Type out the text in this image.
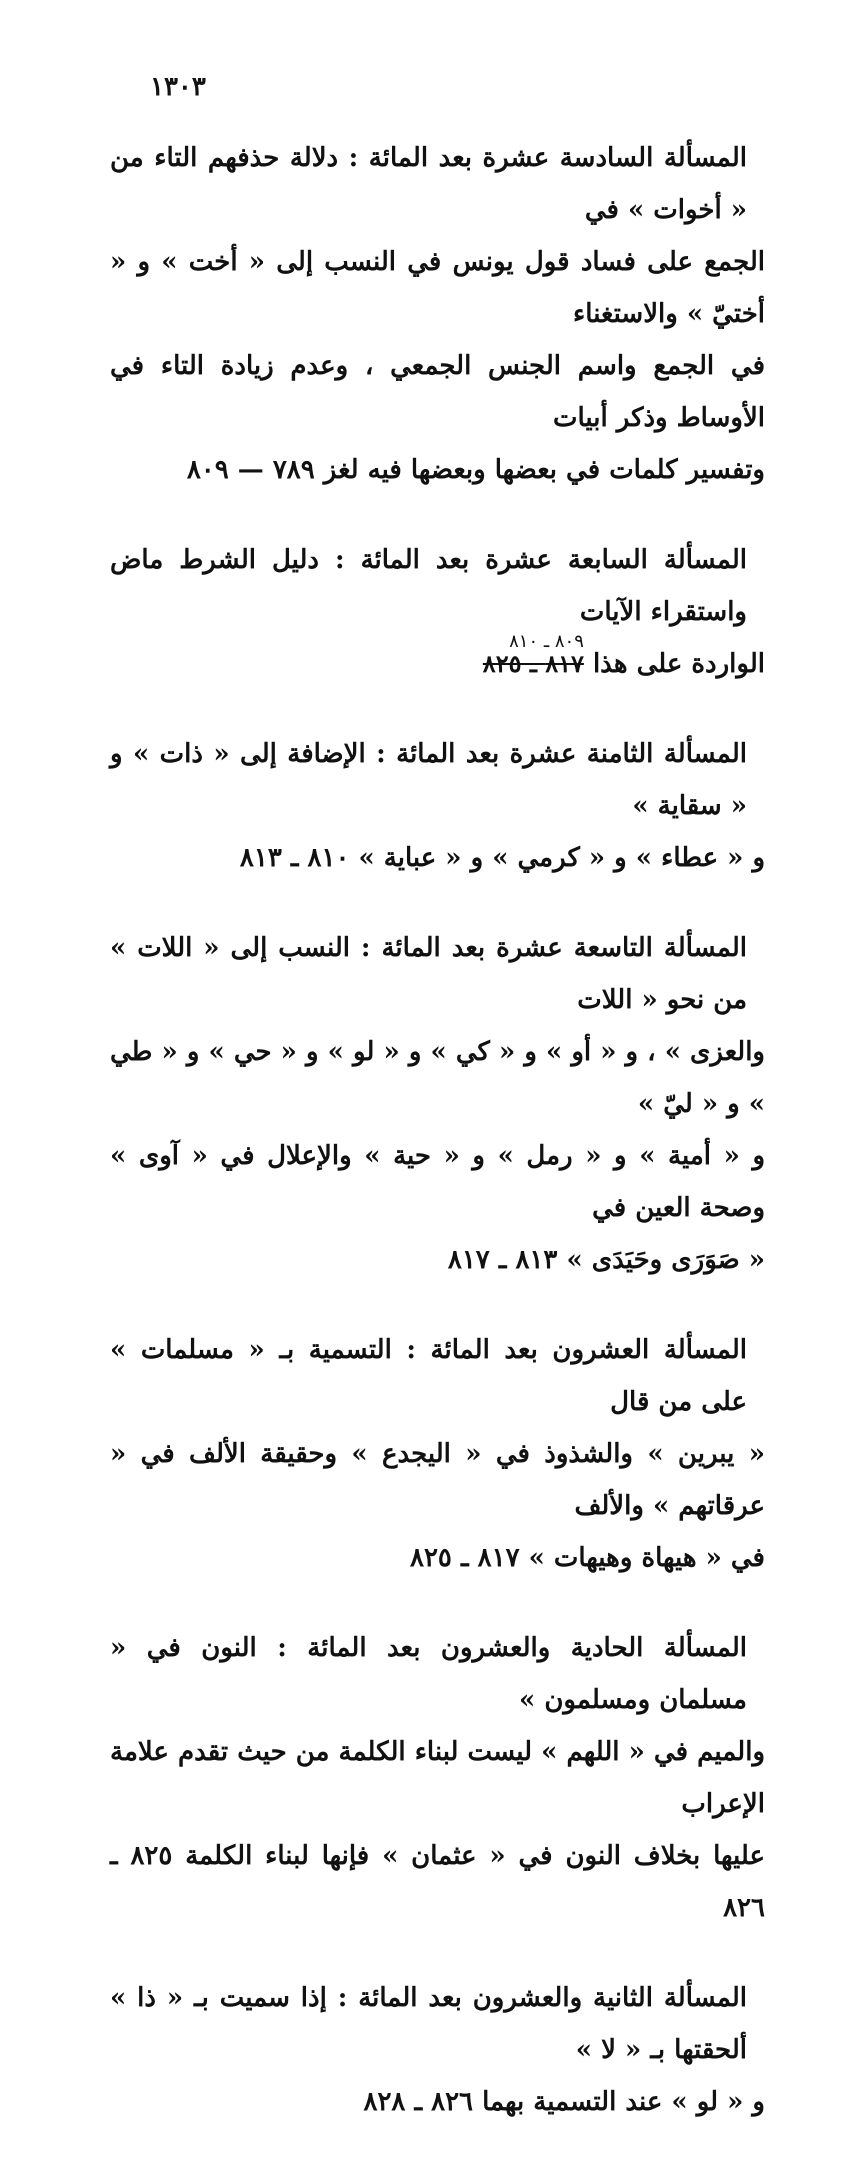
١٣٠٣

المسألة السادسة عشرة بعد المائة : دلالة حذفهم التاء من « أخوات » في

الجمع على فساد قول يونس في النسب إلى « أخت » و « أختيّ » والاستغناء

في الجمع واسم الجنس الجمعي ، وعدم زيادة التاء في الأوساط وذكر أبيات

وتفسير كلمات في بعضها وبعضها فيه لغز ٧٨٩ — ٨٠٩

المسألة السابعة عشرة بعد المائة : دليل الشرط ماض واستقراء الآيات

الواردة على هذا
٨٠٩ ـ ٨١٠
٨١٧ ـ ٨٢٥

المسألة الثامنة عشرة بعد المائة : الإضافة إلى « ذات » و « سقاية »

و « عطاء » و « كرمي » و « عباية » ٨١٠ ـ ٨١٣

المسألة التاسعة عشرة بعد المائة : النسب إلى « اللات » من نحو « اللات

والعزى » ، و « أو » و « كي » و « لو » و « حي » و « طي » و « ليّ »

و « أمية » و « رمل » و « حية » والإعلال في « آوى » وصحة العين في

« صَوَرَى وحَيَدَى » ٨١٣ ـ ٨١٧

المسألة العشرون بعد المائة : التسمية بـ « مسلمات » على من قال

« يبرين » والشذوذ في « اليجدع » وحقيقة الألف في « عرقاتهم » والألف

في « هيهاة وهيهات » ٨١٧ ـ ٨٢٥

المسألة الحادية والعشرون بعد المائة : النون في « مسلمان ومسلمون »

والميم في « اللهم » ليست لبناء الكلمة من حيث تقدم علامة الإعراب

عليها بخلاف النون في « عثمان » فإنها لبناء الكلمة ٨٢٥ ـ ٨٢٦

المسألة الثانية والعشرون بعد المائة : إذا سميت بـ « ذا » ألحقتها بـ « لا »

و « لو » عند التسمية بهما ٨٢٦ ـ ٨٢٨
